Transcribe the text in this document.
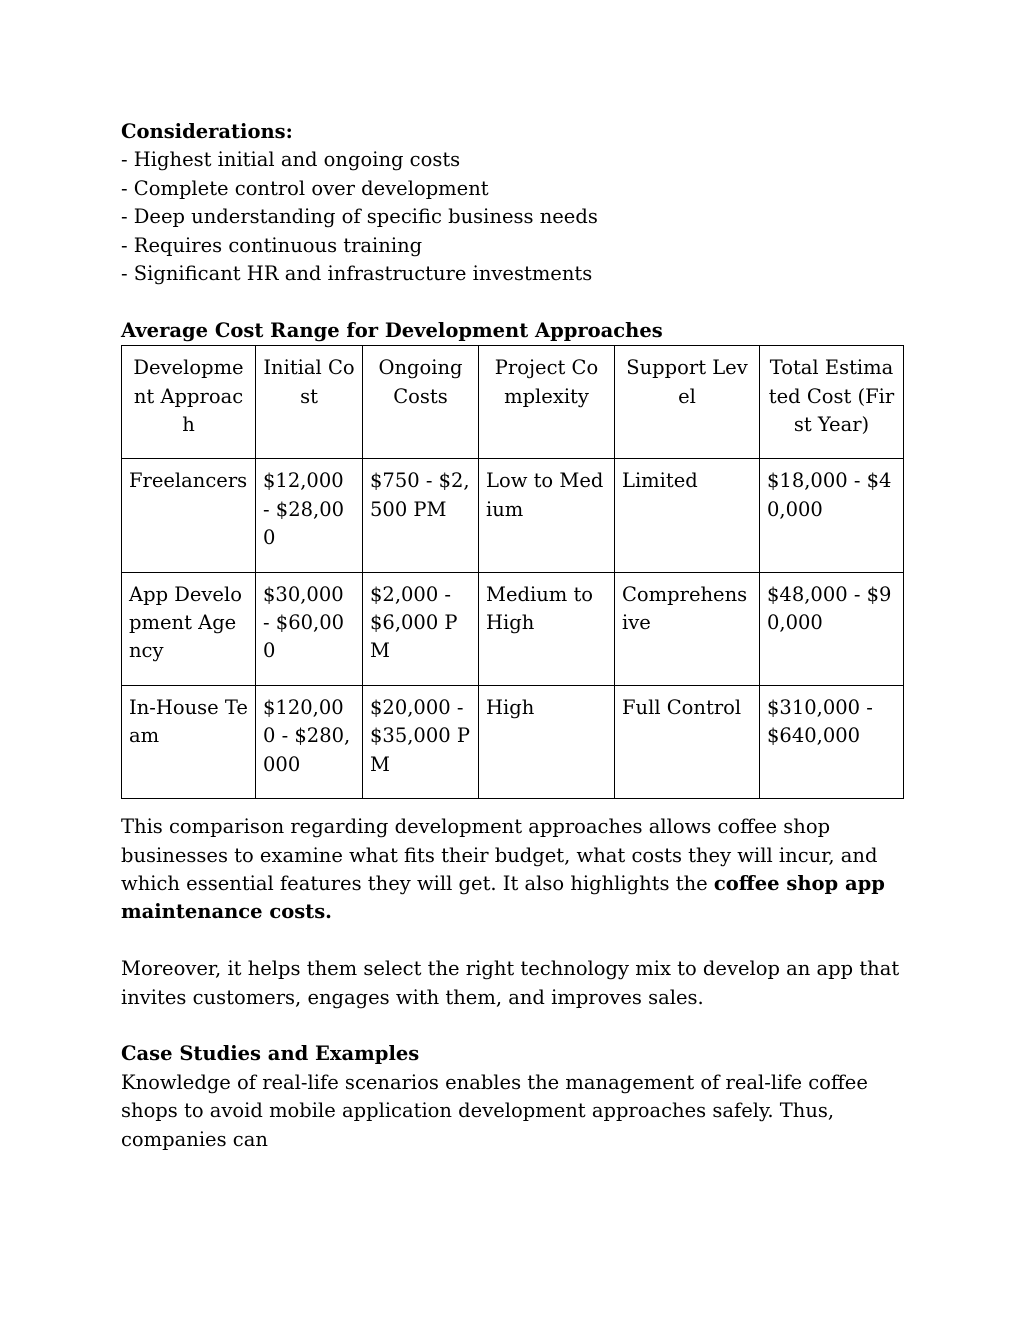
Considerations:
- Highest initial and ongoing costs
- Complete control over development
- Deep understanding of specific business needs
- Requires continuous training
- Significant HR and infrastructure investments
Average Cost Range for Development Approaches
Development Approach	Initial Cost	Ongoing Costs	Project Complexity	Support Level	Total Estimated Cost (First Year)
Freelancers	$12,000 - $28,000	$750 - $2,500 PM	Low to Medium	Limited	$18,000 - $40,000
App Development Agency	$30,000 - $60,000	$2,000 - $6,000 PM	Medium to High	Comprehensive	$48,000 - $90,000
In-House Team	$120,000 - $280,000	$20,000 - $35,000 PM	High	Full Control	$310,000 - $640,000
This comparison regarding development approaches allows coffee shop businesses to examine what fits their budget, what costs they will incur, and which essential features they will get. It also highlights the coffee shop app maintenance costs.
Moreover, it helps them select the right technology mix to develop an app that invites customers, engages with them, and improves sales.
Case Studies and Examples
Knowledge of real-life scenarios enables the management of real-life coffee shops to avoid mobile application development approaches safely. Thus, companies can
